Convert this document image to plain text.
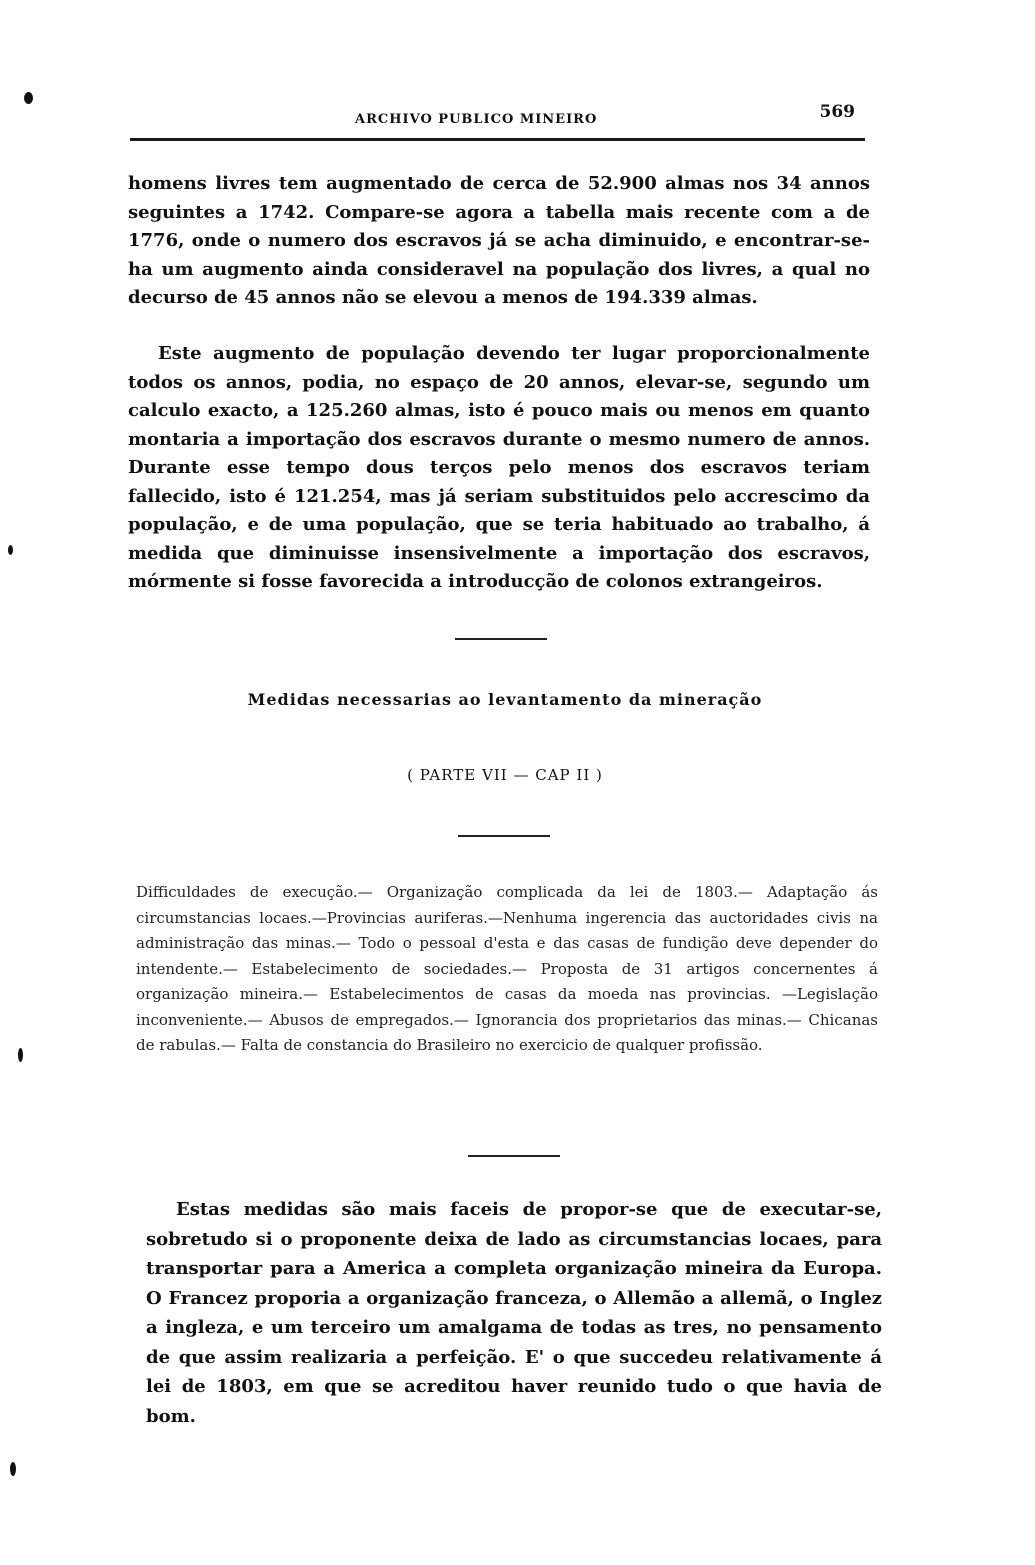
ARCHIVO PUBLICO MINEIRO	569

homens livres tem augmentado de cerca de 52.900 almas nos 34 annos seguintes a 1742. Compare-se agora a tabella mais recente com a de 1776, onde o numero dos escravos já se acha diminuido, e encontrar-se-ha um augmento ainda consideravel na população dos livres, a qual no decurso de 45 annos não se elevou a menos de 194.339 almas.

Este augmento de população devendo ter lugar proporcionalmente todos os annos, podia, no espaço de 20 annos, elevar-se, segundo um calculo exacto, a 125.260 almas, isto é pouco mais ou menos em quanto montaria a importação dos escravos durante o mesmo numero de annos. Durante esse tempo dous terços pelo menos dos escravos teriam fallecido, isto é 121.254, mas já seriam substituidos pelo accrescimo da população, e de uma população, que se teria habituado ao trabalho, á medida que diminuisse insensivelmente a importação dos escravos, mórmente si fosse favorecida a introducção de colonos extrangeiros.

Medidas necessarias ao levantamento da mineração
( PARTE VII — CAP II )

Difficuldades de execução.— Organização complicada da lei de 1803.— Adaptação ás circumstancias locaes.—Provincias auriferas.—Nenhuma ingerencia das auctoridades civis na administração das minas.— Todo o pessoal d'esta e das casas de fundição deve depender do intendente.— Estabelecimento de sociedades.— Proposta de 31 artigos concernentes á organização mineira.— Estabelecimentos de casas da moeda nas provincias. —Legislação inconveniente.— Abusos de empregados.— Ignorancia dos proprietarios das minas.— Chicanas de rabulas.— Falta de constancia do Brasileiro no exercicio de qualquer profissão.

Estas medidas são mais faceis de propor-se que de executar-se, sobretudo si o proponente deixa de lado as circumstancias locaes, para transportar para a America a completa organização mineira da Europa. O Francez proporia a organização franceza, o Allemão a allemã, o Inglez a ingleza, e um terceiro um amalgama de todas as tres, no pensamento de que assim realizaria a perfeição. E' o que succedeu relativamente á lei de 1803, em que se acreditou haver reunido tudo o que havia de bom.
